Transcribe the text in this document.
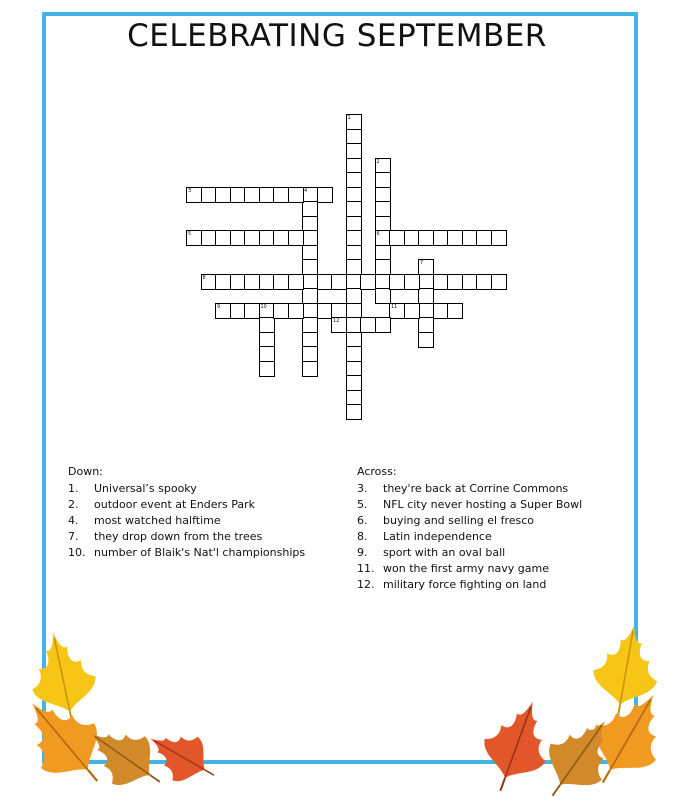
CELEBRATING SEPTEMBER
1
2
6
4
7
10
3
5
8
9	11
12
Down:
1. Universal’s spooky
2. outdoor event at Enders Park
4. most watched halftime
7. they drop down from the trees
10. number of Blaik's Nat'l championships
Across:
3. they're back at Corrine Commons
5. NFL city never hosting a Super Bowl
6. buying and selling el fresco
8. Latin independence
9. sport with an oval ball
11. won the first army navy game
12. military force fighting on land
